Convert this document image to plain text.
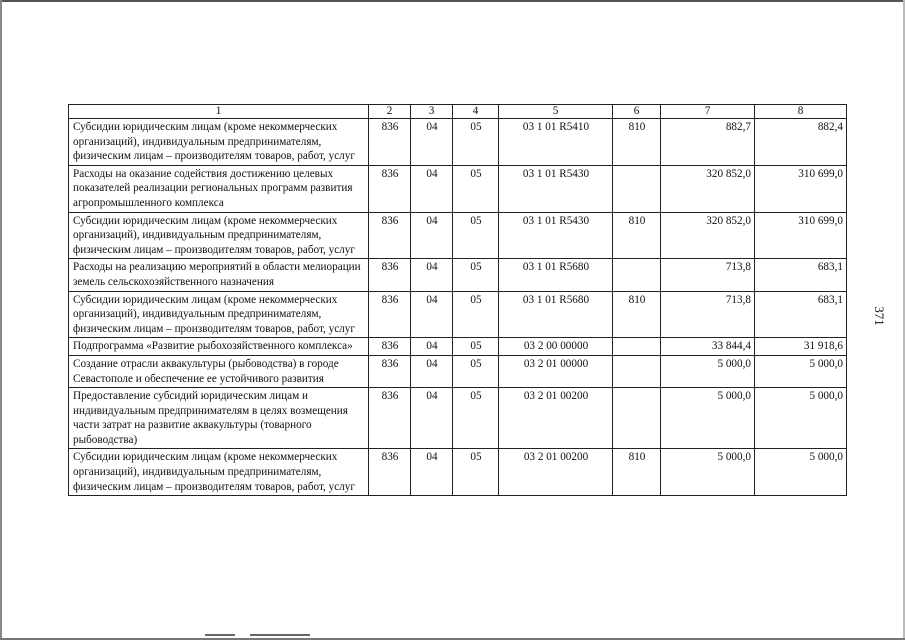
1	2	3	4	5	6	7	8
Субсидии юридическим лицам (кроме некоммерческих организаций), индивидуальным предпринимателям, физическим лицам – производителям товаров, работ, услуг	836	04	05	03 1 01 R5410	810	882,7	882,4
Расходы на оказание содействия достижению целевых показателей реализации региональных программ развития агропромышленного комплекса	836	04	05	03 1 01 R5430		320 852,0	310 699,0
Субсидии юридическим лицам (кроме некоммерческих организаций), индивидуальным предпринимателям, физическим лицам – производителям товаров, работ, услуг	836	04	05	03 1 01 R5430	810	320 852,0	310 699,0
Расходы на реализацию мероприятий в области мелиорации земель сельскохозяйственного назначения	836	04	05	03 1 01 R5680		713,8	683,1
Субсидии юридическим лицам (кроме некоммерческих организаций), индивидуальным предпринимателям, физическим лицам – производителям товаров, работ, услуг	836	04	05	03 1 01 R5680	810	713,8	683,1
Подпрограмма «Развитие рыбохозяйственного комплекса»	836	04	05	03 2 00 00000		33 844,4	31 918,6
Создание отрасли аквакультуры (рыбоводства) в городе Севастополе и обеспечение ее устойчивого развития	836	04	05	03 2 01 00000		5 000,0	5 000,0
Предоставление субсидий юридическим лицам и индивидуальным предпринимателям в целях возмещения части затрат на развитие аквакультуры (товарного рыбоводства)	836	04	05	03 2 01 00200		5 000,0	5 000,0
Субсидии юридическим лицам (кроме некоммерческих организаций), индивидуальным предпринимателям, физическим лицам – производителям товаров, работ, услуг	836	04	05	03 2 01 00200	810	5 000,0	5 000,0
371
